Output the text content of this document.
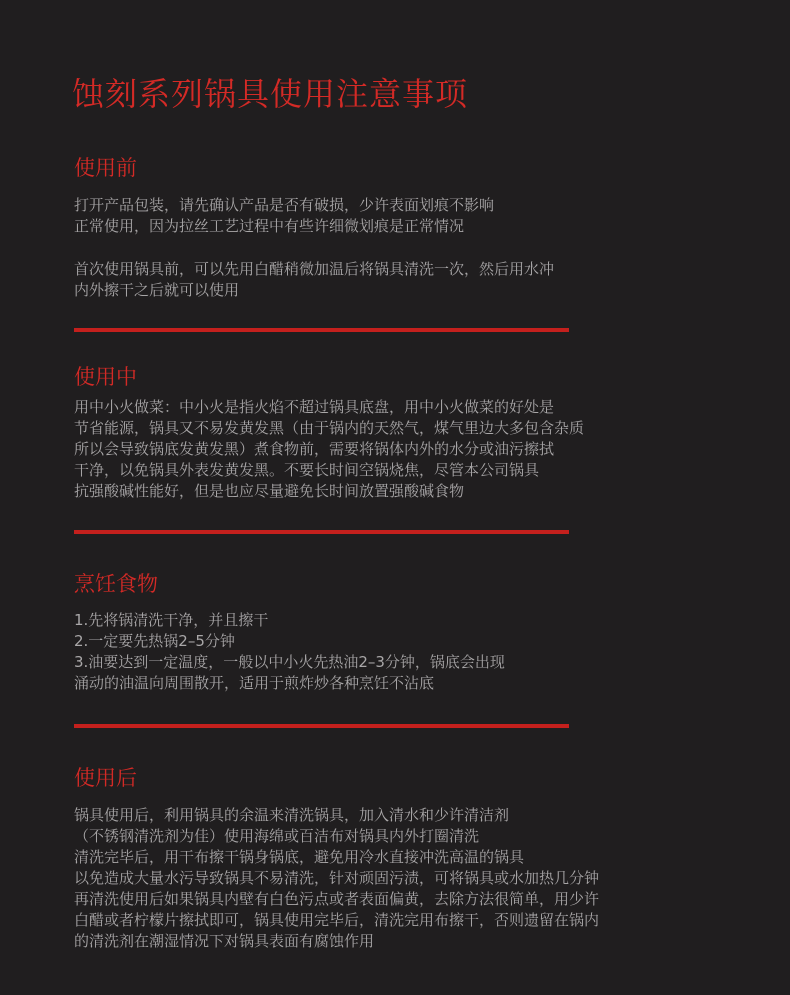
蚀刻系列锅具使用注意事项
使用前
打开产品包装，请先确认产品是否有破损，少许表面划痕不影响
正常使用，因为拉丝工艺过程中有些许细微划痕是正常情况
首次使用锅具前，可以先用白醋稍微加温后将锅具清洗一次，然后用水冲
内外擦干之后就可以使用
使用中
用中小火做菜：中小火是指火焰不超过锅具底盘，用中小火做菜的好处是
节省能源，锅具又不易发黄发黑（由于锅内的天然气，煤气里边大多包含杂质
所以会导致锅底发黄发黑）煮食物前，需要将锅体内外的水分或油污擦拭
干净，以免锅具外表发黄发黑。不要长时间空锅烧焦，尽管本公司锅具
抗强酸碱性能好，但是也应尽量避免长时间放置强酸碱食物
烹饪食物
1.先将锅清洗干净，并且擦干
2.一定要先热锅2–5分钟
3.油要达到一定温度，一般以中小火先热油2–3分钟，锅底会出现
涌动的油温向周围散开，适用于煎炸炒各种烹饪不沾底
使用后
锅具使用后，利用锅具的余温来清洗锅具，加入清水和少许清洁剂
（不锈钢清洗剂为佳）使用海绵或百洁布对锅具内外打圈清洗
清洗完毕后，用干布擦干锅身锅底，避免用冷水直接冲洗高温的锅具
以免造成大量水污导致锅具不易清洗，针对顽固污渍，可将锅具或水加热几分钟
再清洗使用后如果锅具内壁有白色污点或者表面偏黄，去除方法很简单，用少许
白醋或者柠檬片擦拭即可，锅具使用完毕后，清洗完用布擦干，否则遗留在锅内
的清洗剂在潮湿情况下对锅具表面有腐蚀作用
